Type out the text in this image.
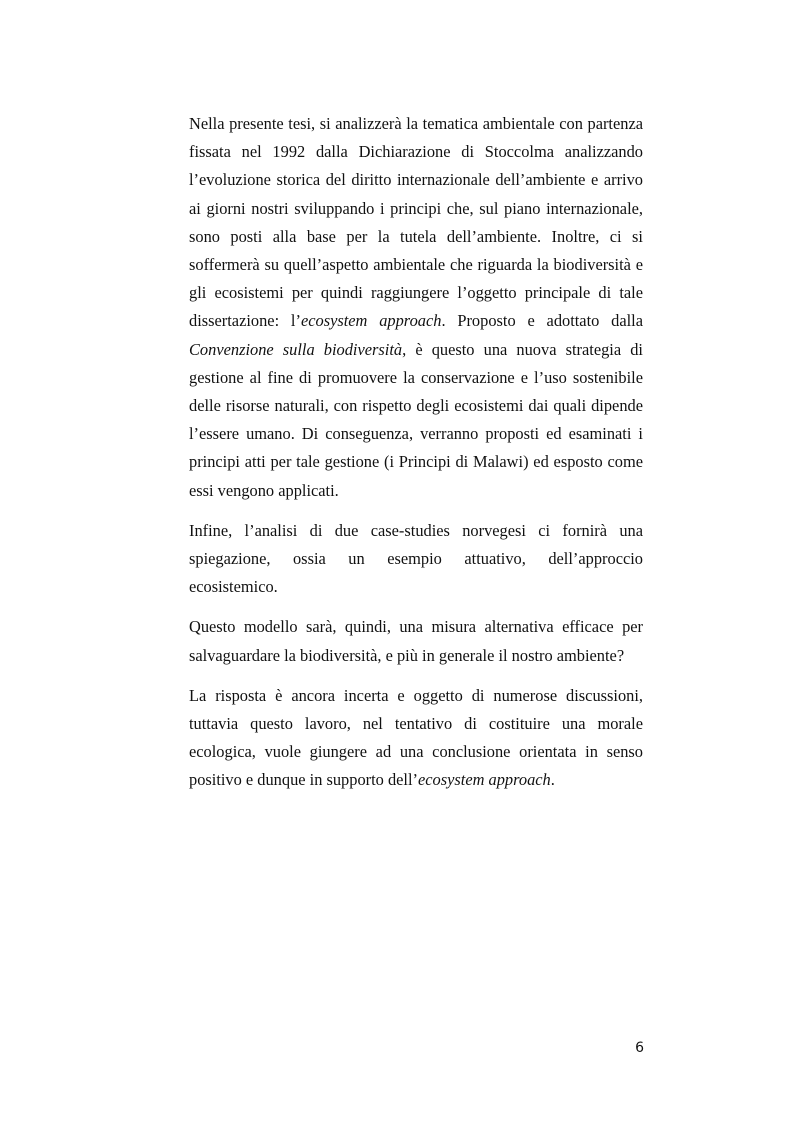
Nella presente tesi, si analizzerà la tematica ambientale con partenza fissata nel 1992 dalla Dichiarazione di Stoccolma analizzando l’evoluzione storica del diritto internazionale dell’ambiente e arrivo ai giorni nostri sviluppando i principi che, sul piano internazionale, sono posti alla base per la tutela dell’ambiente. Inoltre, ci si soffermerà su quell’aspetto ambientale che riguarda la biodiversità e gli ecosistemi per quindi raggiungere l’oggetto principale di tale dissertazione: l’ecosystem approach. Proposto e adottato dalla Convenzione sulla biodiversità, è questo una nuova strategia di gestione al fine di promuovere la conservazione e l’uso sostenibile delle risorse naturali, con rispetto degli ecosistemi dai quali dipende l’essere umano. Di conseguenza, verranno proposti ed esaminati i principi atti per tale gestione (i Principi di Malawi) ed esposto come essi vengono applicati.

Infine, l’analisi di due case-studies norvegesi ci fornirà una spiegazione, ossia un esempio attuativo, dell’approccio ecosistemico.

Questo modello sarà, quindi, una misura alternativa efficace per salvaguardare la biodiversità, e più in generale il nostro ambiente?

La risposta è ancora incerta e oggetto di numerose discussioni, tuttavia questo lavoro, nel tentativo di costituire una morale ecologica, vuole giungere ad una conclusione orientata in senso positivo e dunque in supporto dell’ecosystem approach.

6
